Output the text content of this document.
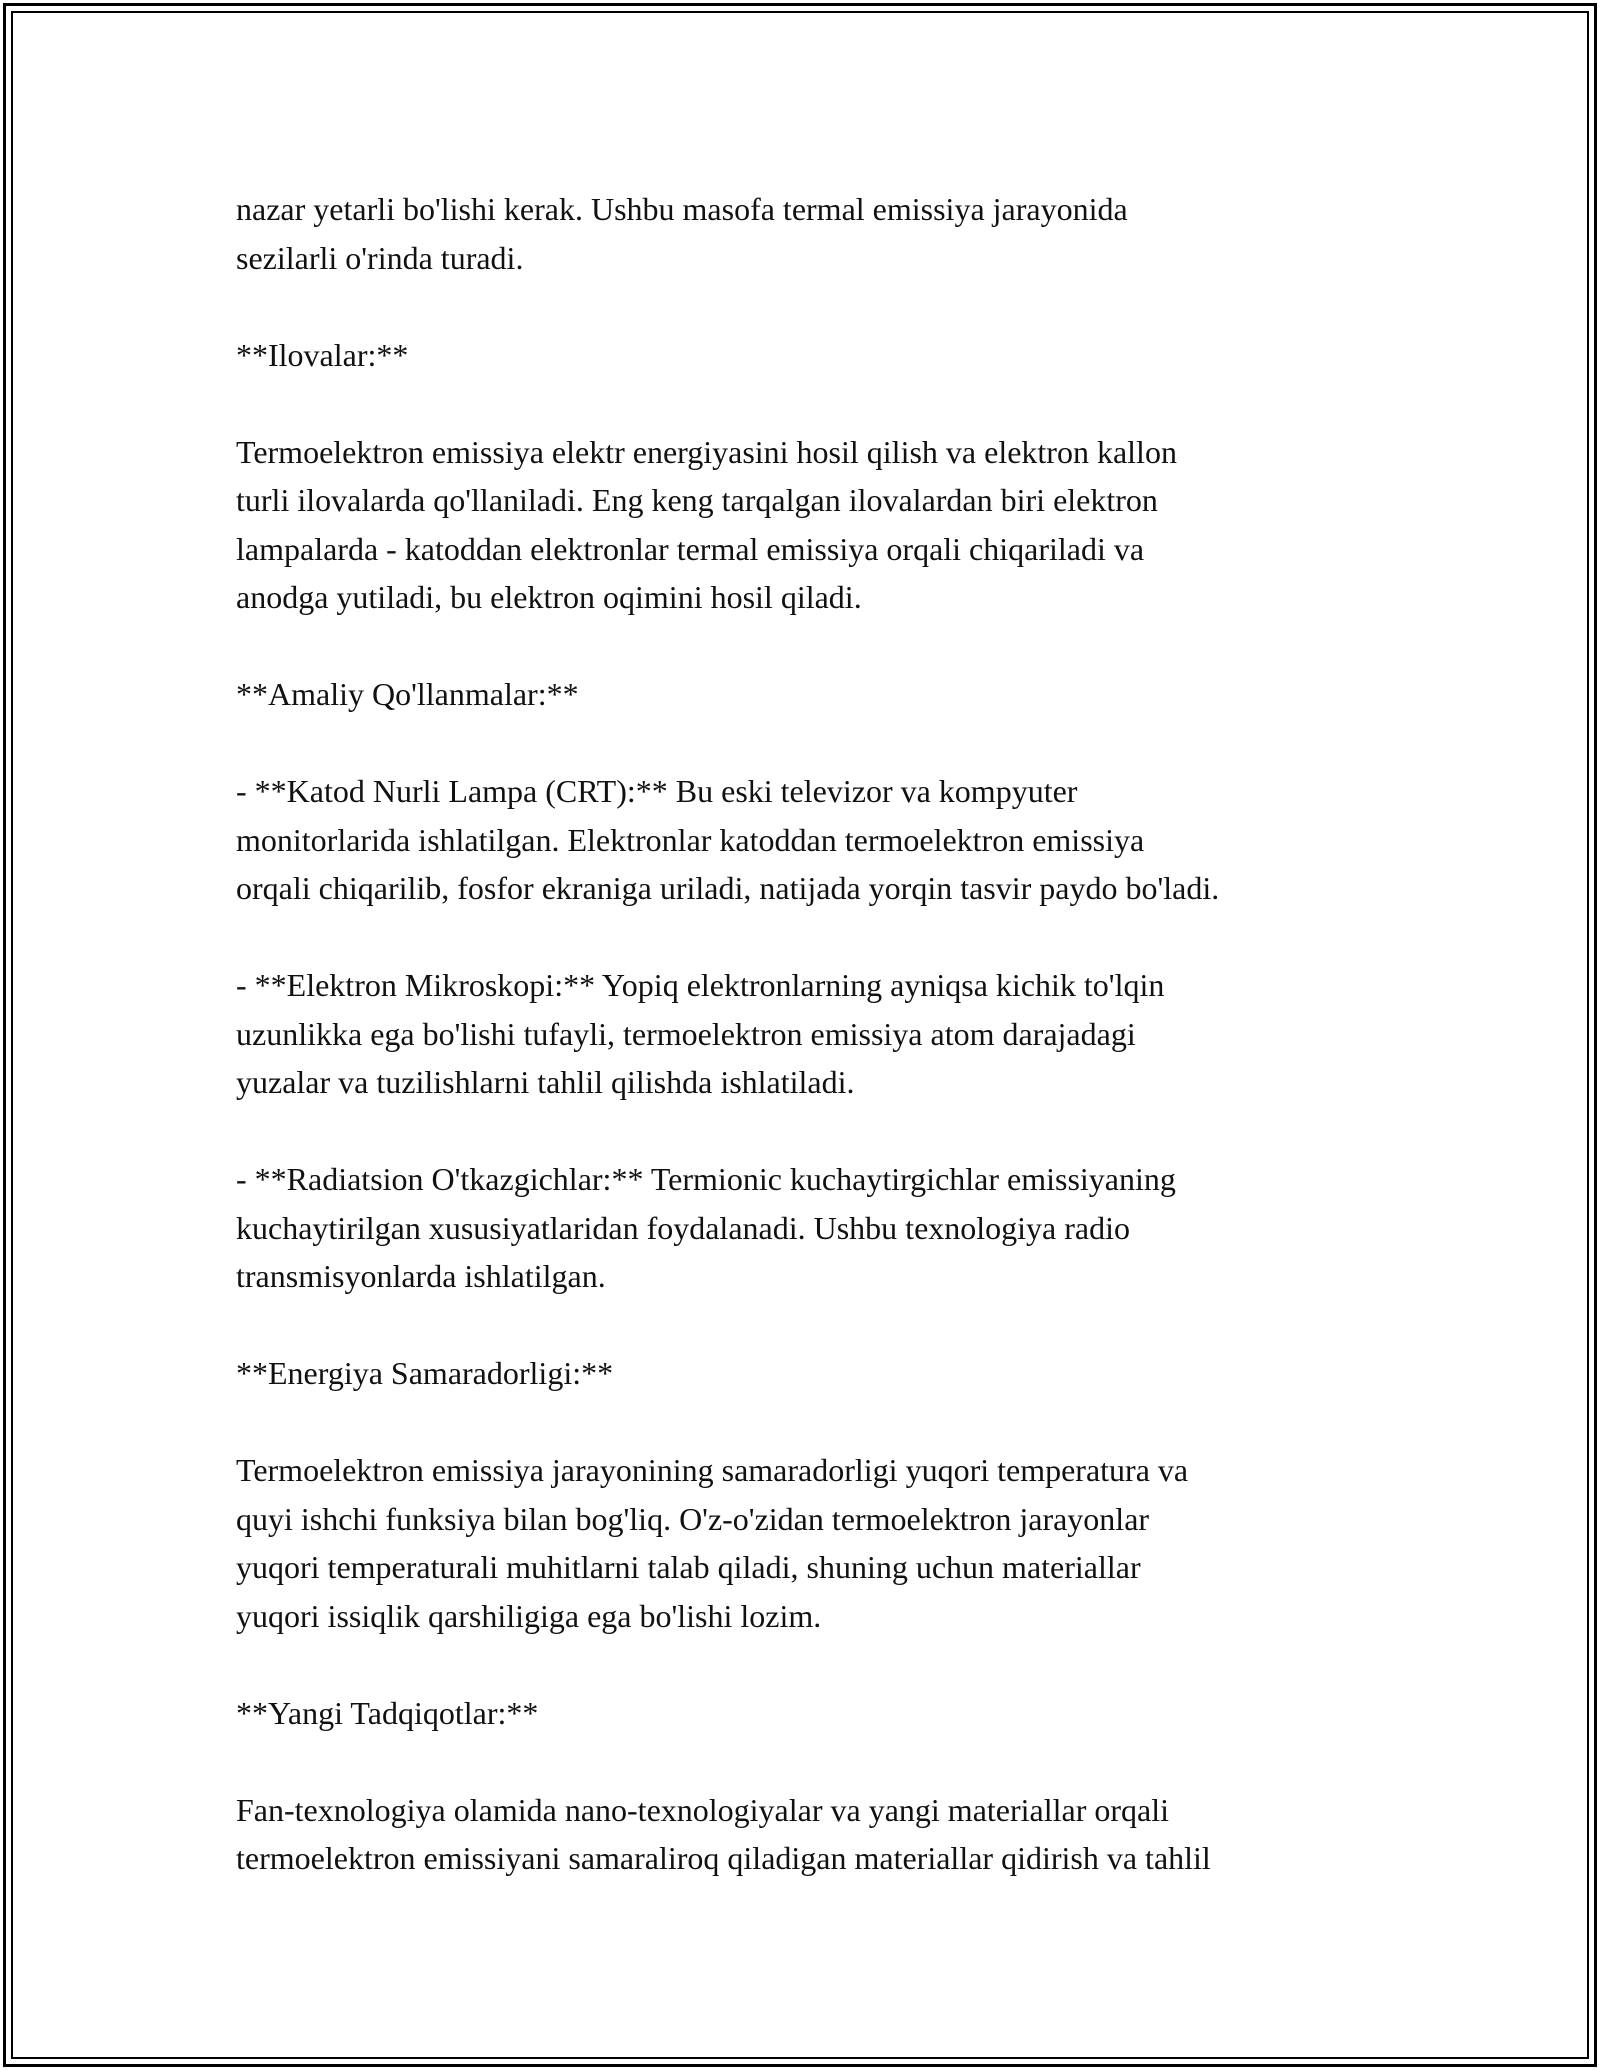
nazar yetarli bo'lishi kerak. Ushbu masofa termal emissiya jarayonida
sezilarli o'rinda turadi.

**Ilovalar:**

Termoelektron emissiya elektr energiyasini hosil qilish va elektron kallon
turli ilovalarda qo'llaniladi. Eng keng tarqalgan ilovalardan biri elektron
lampalarda - katoddan elektronlar termal emissiya orqali chiqariladi va
anodga yutiladi, bu elektron oqimini hosil qiladi.

**Amaliy Qo'llanmalar:**

- **Katod Nurli Lampa (CRT):** Bu eski televizor va kompyuter
monitorlarida ishlatilgan. Elektronlar katoddan termoelektron emissiya
orqali chiqarilib, fosfor ekraniga uriladi, natijada yorqin tasvir paydo bo'ladi.

- **Elektron Mikroskopi:** Yopiq elektronlarning ayniqsa kichik to'lqin
uzunlikka ega bo'lishi tufayli, termoelektron emissiya atom darajadagi
yuzalar va tuzilishlarni tahlil qilishda ishlatiladi.

- **Radiatsion O'tkazgichlar:** Termionic kuchaytirgichlar emissiyaning
kuchaytirilgan xususiyatlaridan foydalanadi. Ushbu texnologiya radio
transmisyonlarda ishlatilgan.

**Energiya Samaradorligi:**

Termoelektron emissiya jarayonining samaradorligi yuqori temperatura va
quyi ishchi funksiya bilan bog'liq. O'z-o'zidan termoelektron jarayonlar
yuqori temperaturali muhitlarni talab qiladi, shuning uchun materiallar
yuqori issiqlik qarshiligiga ega bo'lishi lozim.

**Yangi Tadqiqotlar:**

Fan-texnologiya olamida nano-texnologiyalar va yangi materiallar orqali
termoelektron emissiyani samaraliroq qiladigan materiallar qidirish va tahlil
